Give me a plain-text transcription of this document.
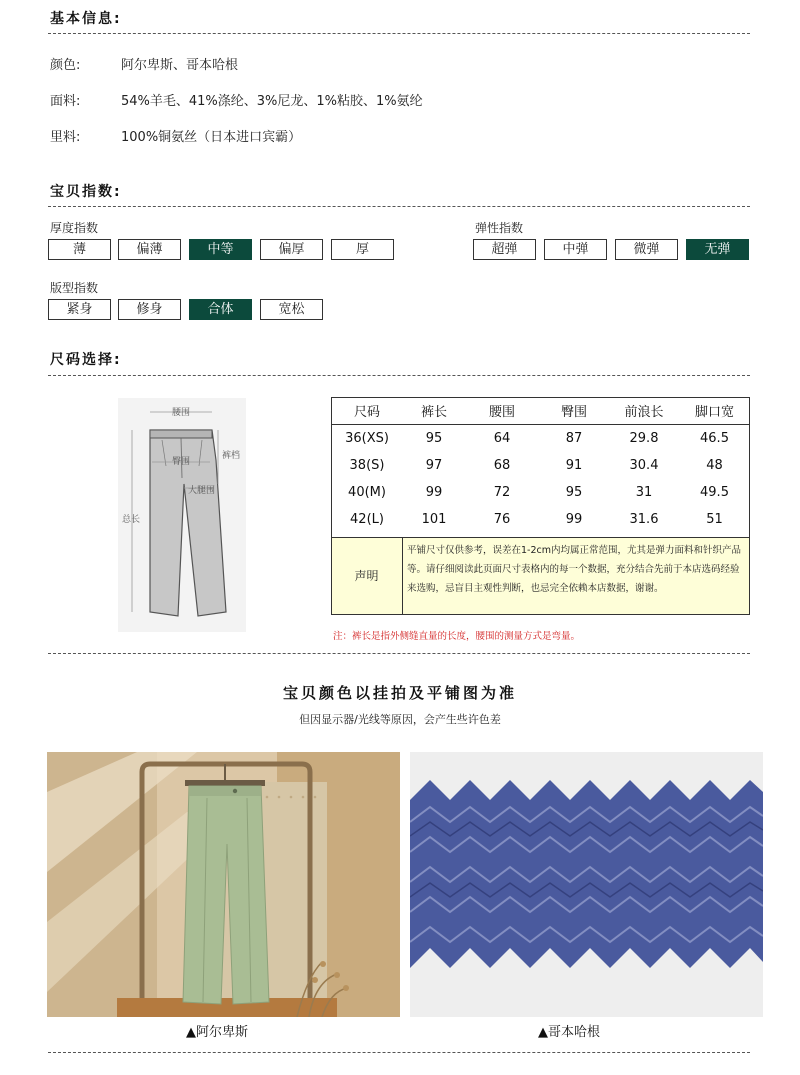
基本信息:
颜色:	阿尔卑斯、哥本哈根
面料:	54%羊毛、41%涤纶、3%尼龙、1%粘胶、1%氨纶
里料:	100%铜氨丝（日本进口宾霸）
宝贝指数:
厚度指数
薄	偏薄	中等	偏厚	厚
弹性指数
超弹	中弹	微弹	无弹
版型指数
紧身	修身	合体	宽松
尺码选择:
腰围
臀围
裤档
大腿围
总长
尺码	裤长	腰围	臀围	前浪长	脚口宽
36(XS)	95	64	87	29.8	46.5
38(S)	97	68	91	30.4	48
40(M)	99	72	95	31	49.5
42(L)	101	76	99	31.6	51
声明
平铺尺寸仅供参考，误差在1-2cm内均属正常范围，尤其是弹力面料和针织产品等。请仔细阅读此页面尺寸表格内的每一个数据，充分结合先前于本店选码经验来选购，忌盲目主观性判断，也忌完全依赖本店数据，谢谢。
注：裤长是指外侧缝直量的长度，腰围的测量方式是弯量。
宝贝颜色以挂拍及平铺图为准
但因显示器/光线等原因，会产生些许色差
▲阿尔卑斯	▲哥本哈根
